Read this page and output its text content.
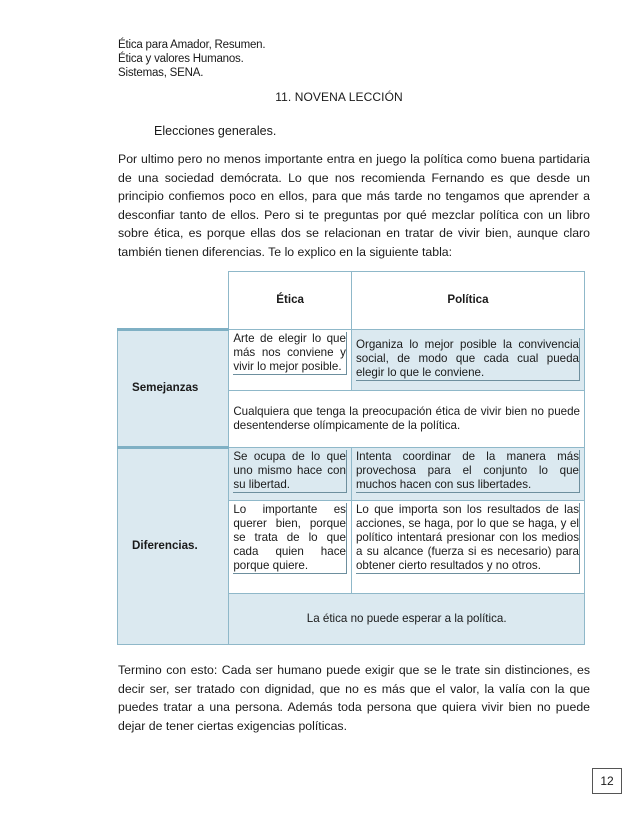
Ética para Amador, Resumen.
Ética y valores Humanos.
Sistemas, SENA.
11. NOVENA LECCIÓN
Elecciones generales.

Por ultimo pero no menos importante entra en juego la política como buena partidaria de una sociedad demócrata. Lo que nos recomienda Fernando es que desde un principio confiemos poco en ellos, para que más tarde no tengamos que aprender a desconfiar tanto de ellos. Pero si te preguntas por qué mezclar política con un libro sobre ética, es porque ellas dos se relacionan en tratar de vivir bien, aunque claro también tienen diferencias. Te lo explico en la siguiente tabla:

	Ética	Política
Semejanzas	Arte de elegir lo que más nos conviene y vivir lo mejor posible.	Organiza lo mejor posible la convivencia social, de modo que cada cual pueda elegir lo que le conviene.

	Cualquiera que tenga la preocupación ética de vivir bien no puede desentenderse olímpicamente de la política.	
Diferencias.	Se ocupa de lo que uno mismo hace con su libertad.	Intenta coordinar de la manera más provechosa para el conjunto lo que muchos hacen con sus libertades.

	Lo importante es querer bien, porque se trata de lo que cada quien hace porque quiere.	Lo que importa son los resultados de las acciones, se haga, por lo que se haga, y el político intentará presionar con los medios a su alcance (fuerza si es necesario) para obtener cierto resultados y no otros.

	La ética no puede esperar a la política.	

Termino con esto: Cada ser humano puede exigir que se le trate sin distinciones, es decir ser, ser tratado con dignidad, que no es más que el valor, la valía con la que puedes tratar a una persona. Además toda persona que quiera vivir bien no puede dejar de tener ciertas exigencias políticas.

12
